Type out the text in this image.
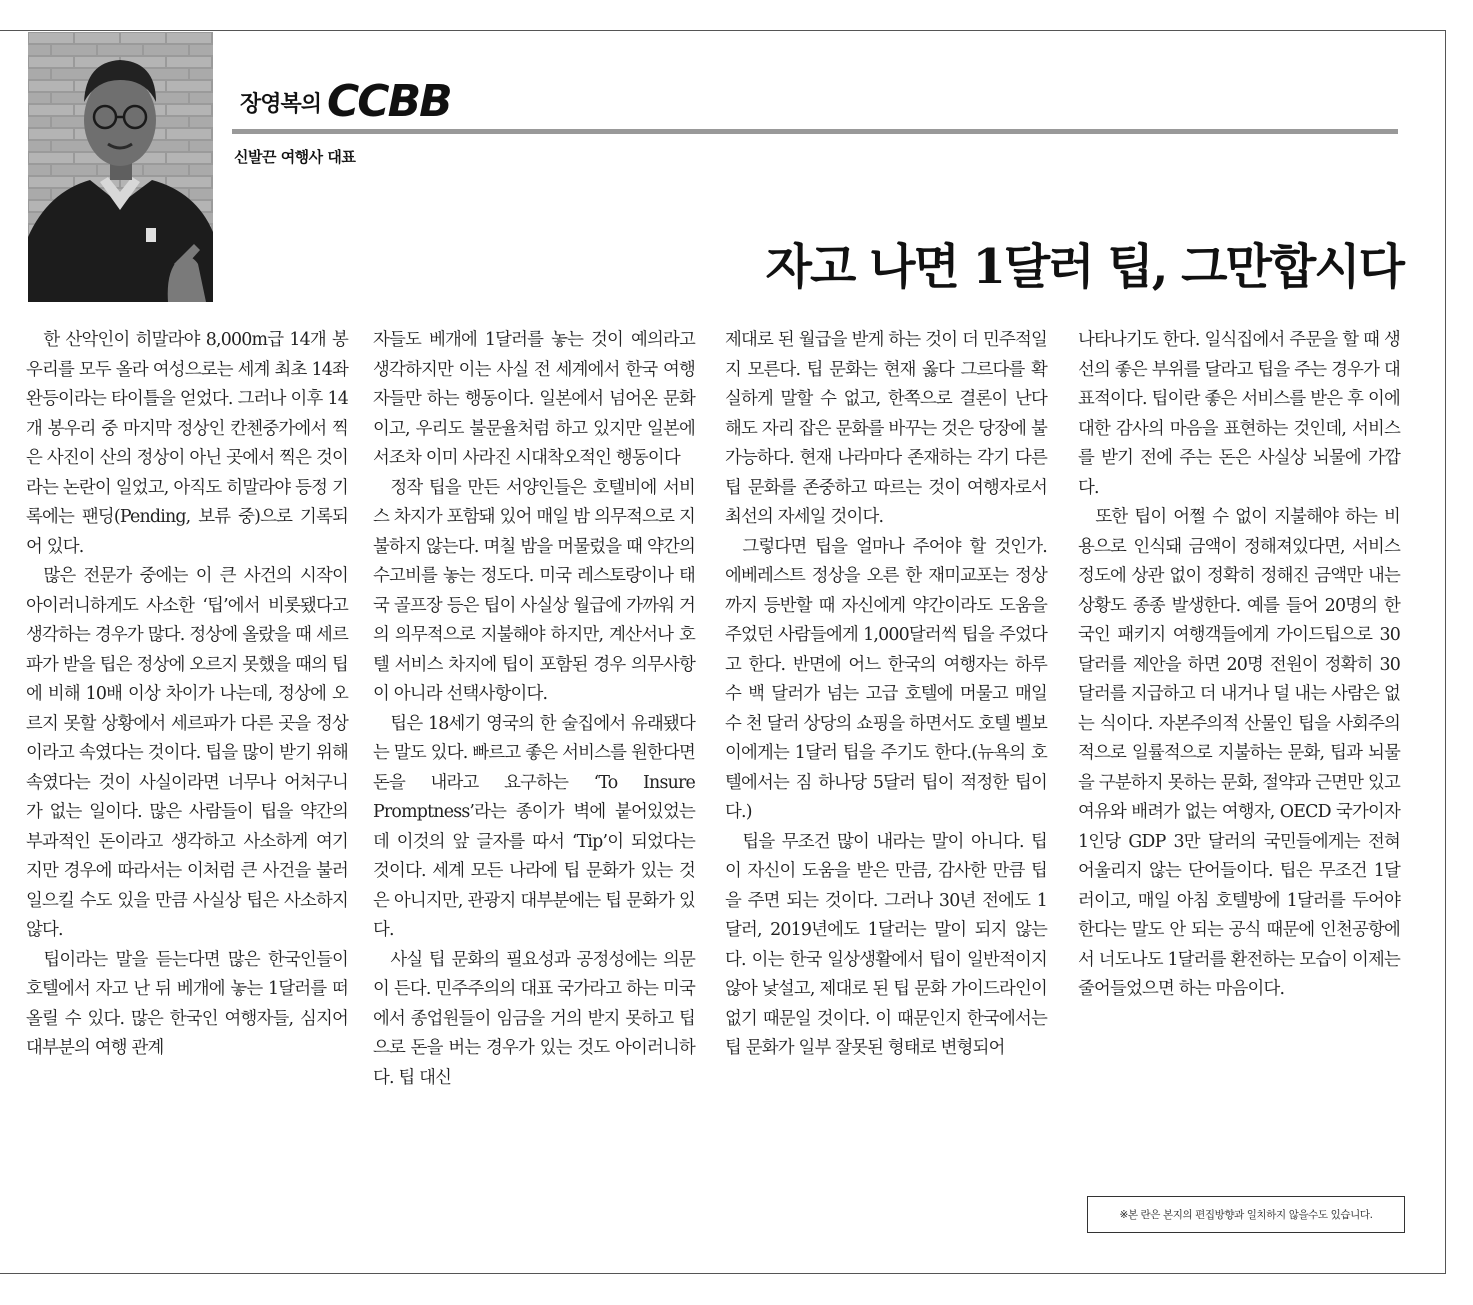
장영복의 CCBB
신발끈 여행사 대표
자고 나면 1달러 팁, 그만합시다

한 산악인이 히말라야 8,000m급 14개 봉우리를 모두 올라 여성으로는 세계 최초 14좌 완등이라는 타이틀을 얻었다. 그러나 이후 14개 봉우리 중 마지막 정상인 칸첸중가에서 찍은 사진이 산의 정상이 아닌 곳에서 찍은 것이라는 논란이 일었고, 아직도 히말라야 등정 기록에는 팬딩(Pending, 보류 중)으로 기록되어 있다.

많은 전문가 중에는 이 큰 사건의 시작이 아이러니하게도 사소한 ‘팁’에서 비롯됐다고 생각하는 경우가 많다. 정상에 올랐을 때 세르파가 받을 팁은 정상에 오르지 못했을 때의 팁에 비해 10배 이상 차이가 나는데, 정상에 오르지 못할 상황에서 세르파가 다른 곳을 정상이라고 속였다는 것이다. 팁을 많이 받기 위해 속였다는 것이 사실이라면 너무나 어처구니가 없는 일이다. 많은 사람들이 팁을 약간의 부과적인 돈이라고 생각하고 사소하게 여기지만 경우에 따라서는 이처럼 큰 사건을 불러일으킬 수도 있을 만큼 사실상 팁은 사소하지 않다.

팁이라는 말을 듣는다면 많은 한국인들이 호텔에서 자고 난 뒤 베개에 놓는 1달러를 떠올릴 수 있다. 많은 한국인 여행자들, 심지어 대부분의 여행 관계

자들도 베개에 1달러를 놓는 것이 예의라고 생각하지만 이는 사실 전 세계에서 한국 여행자들만 하는 행동이다. 일본에서 넘어온 문화이고, 우리도 불문율처럼 하고 있지만 일본에서조차 이미 사라진 시대착오적인 행동이다

정작 팁을 만든 서양인들은 호텔비에 서비스 차지가 포함돼 있어 매일 밤 의무적으로 지불하지 않는다. 며칠 밤을 머물렀을 때 약간의 수고비를 놓는 정도다. 미국 레스토랑이나 태국 골프장 등은 팁이 사실상 월급에 가까워 거의 의무적으로 지불해야 하지만, 계산서나 호텔 서비스 차지에 팁이 포함된 경우 의무사항이 아니라 선택사항이다.

팁은 18세기 영국의 한 술집에서 유래됐다는 말도 있다. 빠르고 좋은 서비스를 원한다면 돈을 내라고 요구하는 ‘To Insure Promptness’라는 종이가 벽에 붙어있었는데 이것의 앞 글자를 따서 ‘Tip’이 되었다는 것이다. 세계 모든 나라에 팁 문화가 있는 것은 아니지만, 관광지 대부분에는 팁 문화가 있다.

사실 팁 문화의 필요성과 공정성에는 의문이 든다. 민주주의의 대표 국가라고 하는 미국에서 종업원들이 임금을 거의 받지 못하고 팁으로 돈을 버는 경우가 있는 것도 아이러니하다. 팁 대신

제대로 된 월급을 받게 하는 것이 더 민주적일지 모른다. 팁 문화는 현재 옳다 그르다를 확실하게 말할 수 없고, 한쪽으로 결론이 난다 해도 자리 잡은 문화를 바꾸는 것은 당장에 불가능하다. 현재 나라마다 존재하는 각기 다른 팁 문화를 존중하고 따르는 것이 여행자로서 최선의 자세일 것이다.

그렇다면 팁을 얼마나 주어야 할 것인가. 에베레스트 정상을 오른 한 재미교포는 정상까지 등반할 때 자신에게 약간이라도 도움을 주었던 사람들에게 1,000달러씩 팁을 주었다고 한다. 반면에 어느 한국의 여행자는 하루 수 백 달러가 넘는 고급 호텔에 머물고 매일 수 천 달러 상당의 쇼핑을 하면서도 호텔 벨보이에게는 1달러 팁을 주기도 한다.(뉴욕의 호텔에서는 짐 하나당 5달러 팁이 적정한 팁이다.)

팁을 무조건 많이 내라는 말이 아니다. 팁이 자신이 도움을 받은 만큼, 감사한 만큼 팁을 주면 되는 것이다. 그러나 30년 전에도 1달러, 2019년에도 1달러는 말이 되지 않는다. 이는 한국 일상생활에서 팁이 일반적이지 않아 낯설고, 제대로 된 팁 문화 가이드라인이 없기 때문일 것이다. 이 때문인지 한국에서는 팁 문화가 일부 잘못된 형태로 변형되어

나타나기도 한다. 일식집에서 주문을 할 때 생선의 좋은 부위를 달라고 팁을 주는 경우가 대표적이다. 팁이란 좋은 서비스를 받은 후 이에 대한 감사의 마음을 표현하는 것인데, 서비스를 받기 전에 주는 돈은 사실상 뇌물에 가깝다.

또한 팁이 어쩔 수 없이 지불해야 하는 비용으로 인식돼 금액이 정해져있다면, 서비스 정도에 상관 없이 정확히 정해진 금액만 내는 상황도 종종 발생한다. 예를 들어 20명의 한국인 패키지 여행객들에게 가이드팁으로 30달러를 제안을 하면 20명 전원이 정확히 30달러를 지급하고 더 내거나 덜 내는 사람은 없는 식이다. 자본주의적 산물인 팁을 사회주의적으로 일률적으로 지불하는 문화, 팁과 뇌물을 구분하지 못하는 문화, 절약과 근면만 있고 여유와 배려가 없는 여행자, OECD 국가이자 1인당 GDP 3만 달러의 국민들에게는 전혀 어울리지 않는 단어들이다. 팁은 무조건 1달러이고, 매일 아침 호텔방에 1달러를 두어야 한다는 말도 안 되는 공식 때문에 인천공항에서 너도나도 1달러를 환전하는 모습이 이제는 줄어들었으면 하는 마음이다.

※본 란은 본지의 편집방향과 일치하지 않을수도 있습니다.
